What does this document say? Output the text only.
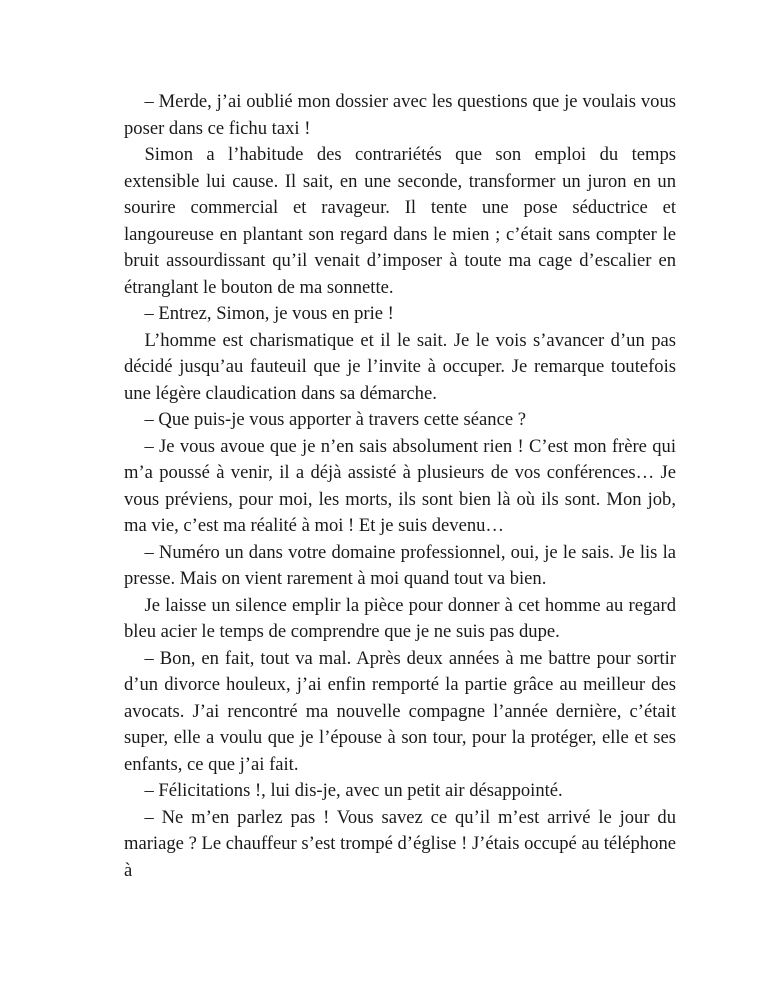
– Merde, j’ai oublié mon dossier avec les questions que je voulais vous poser dans ce fichu taxi !

Simon a l’habitude des contrariétés que son emploi du temps extensible lui cause. Il sait, en une seconde, transformer un juron en un sourire commercial et ravageur. Il tente une pose séductrice et langoureuse en plantant son regard dans le mien ; c’était sans compter le bruit assourdissant qu’il venait d’imposer à toute ma cage d’escalier en étranglant le bouton de ma sonnette.

– Entrez, Simon, je vous en prie !

L’homme est charismatique et il le sait. Je le vois s’avancer d’un pas décidé jusqu’au fauteuil que je l’invite à occuper. Je remarque toutefois une légère claudication dans sa démarche.

– Que puis-je vous apporter à travers cette séance ?

– Je vous avoue que je n’en sais absolument rien ! C’est mon frère qui m’a poussé à venir, il a déjà assisté à plusieurs de vos conférences… Je vous préviens, pour moi, les morts, ils sont bien là où ils sont. Mon job, ma vie, c’est ma réalité à moi ! Et je suis devenu…

– Numéro un dans votre domaine professionnel, oui, je le sais. Je lis la presse. Mais on vient rarement à moi quand tout va bien.

Je laisse un silence emplir la pièce pour donner à cet homme au regard bleu acier le temps de comprendre que je ne suis pas dupe.

– Bon, en fait, tout va mal. Après deux années à me battre pour sortir d’un divorce houleux, j’ai enfin remporté la partie grâce au meilleur des avocats. J’ai rencontré ma nouvelle compagne l’année dernière, c’était super, elle a voulu que je l’épouse à son tour, pour la protéger, elle et ses enfants, ce que j’ai fait.

– Félicitations !, lui dis-je, avec un petit air désappointé.

– Ne m’en parlez pas ! Vous savez ce qu’il m’est arrivé le jour du mariage ? Le chauffeur s’est trompé d’église ! J’étais occupé au téléphone à
